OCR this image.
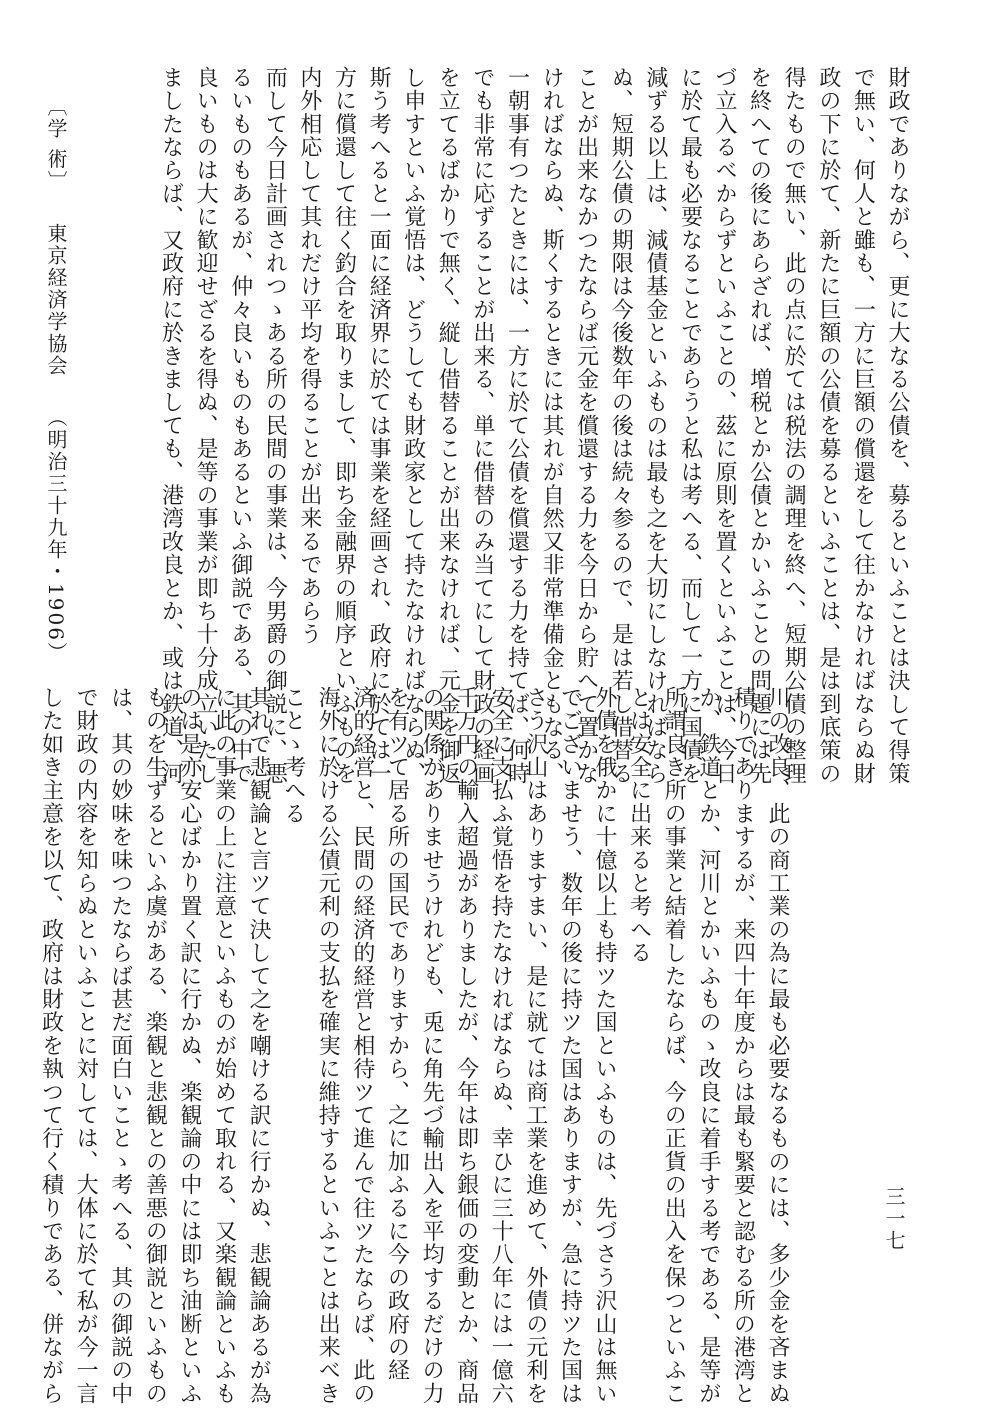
財政でありながら、更に大なる公債を、募るといふことは決して得策

で無い、何人と雖も、一方に巨額の償還をして往かなければならぬ財

政の下に於て、新たに巨額の公債を募るといふことは、是は到底策の

得たもので無い、此の点に於ては税法の調理を終へ、短期公債の整理

を終へての後にあらざれば、増税とか公債とかいふことの問題には先

づ立入るべからずといふことの、茲に原則を置くといふことは、今日

に於て最も必要なることであらうと私は考へる、而して一方に国債を

減ずる以上は、減債基金といふものは最も之を大切にしなければなら

ぬ、短期公債の期限は今後数年の後は続々参るので、是は若し借替る

ことが出来なかつたならば元金を償還する力を今日から貯へて置かな

ければならぬ、斯くするときには其れが自然又非常準備金ともなる、

一朝事有つたときには、一方に於て公債を償還する力を持てば、何時

でも非常に応ずることが出来る、単に借替のみ当てにして財政の経画

を立てるばかりで無く、縦し借替ることが出来なければ、元金を御返

し申すといふ覚悟は、どうしても財政家として持たなければならぬ、

斯う考へると一面に経済界に於ては事業を経画され、政府に於ては一

方に償還して往く釣合を取りまして、即ち金融界の順序といふものを

内外相応して其れだけ平均を得ることが出来るであらう

而して今日計画されつゝある所の民間の事業は、今男爵の御説に、悪

るいものもあるが、仲々良いものもあるといふ御説である、其の中で

良いものは大に歓迎せざるを得ぬ、是等の事業が即ち十分成立いたし

ましたならば、又政府に於きましても、港湾改良とか、或は鉄道、河

川の改良、此の商工業の為に最も必要なるものには、多少金を吝まぬ

積りでありまするが、来四十年度からは最も緊要と認むる所の港湾と

か、鉄道とか、河川とかいふものゝ改良に着手する考である、是等が

所謂良き所の事業と結着したならば、今の正貨の出入を保つといふこ

とは安全に出来ると考へる

外債を俄かに十億以上も持ツた国といふものは、先づさう沢山は無い

でございませう、数年の後に持ツた国はありますが、急に持ツた国は

さう沢山はありますまい、是に就ては商工業を進めて、外債の元利を

安全に支払ふ覚悟を持たなければならぬ、幸ひに三十八年には一億六

千万円の輸入超過がありましたが、今年は即ち銀価の変動とか、商品

の関係がありませうけれども、兎に角先づ輸出入を平均するだけの力

を有ツて居る所の国民でありますから、之に加ふるに今の政府の経

済的経営と、民間の経済的経営と相待ツて進んで往ツたならば、此の

海外に於ける公債元利の支払を確実に維持するといふことは出来べき

ことゝ考へる

其れで悲観論と言ツて決して之を嘲ける訳に行かぬ、悲観論あるが為

に此の事業の上に注意といふものが始めて取れる、又楽観論といふも

のは是亦安心ばかり置く訳に行かぬ、楽観論の中には即ち油断といふ

ものを生ずるといふ虞がある、楽観と悲観との善悪の御説といふもの

は、其の妙味を味つたならば甚だ面白いことゝ考へる、其の御説の中

で財政の内容を知らぬといふことに対しては、大体に於て私が今一言

した如き主意を以て、政府は財政を執つて行く積りである、併ながら

〔学 術〕 東京経済学協会 （明治三十九年・1906）
三一七
